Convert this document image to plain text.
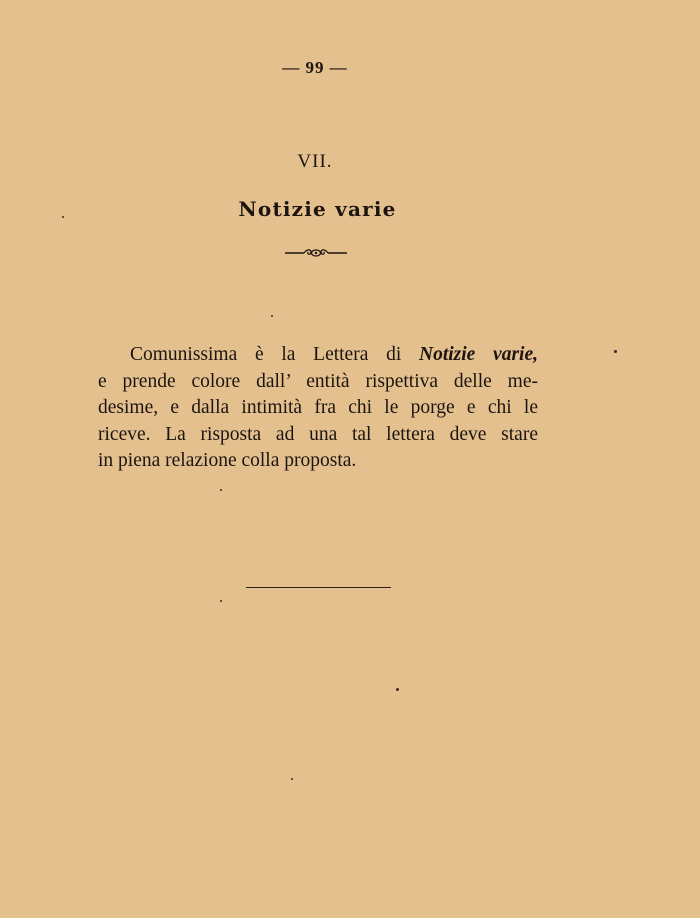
— 99 —
VII.
Notizie varie
Comunissima è la Lettera di Notizie varie,
e prende colore dall’ entità rispettiva delle me-
desime, e dalla intimità fra chi le porge e chi le
riceve. La risposta ad una tal lettera deve stare
in piena relazione colla proposta.
